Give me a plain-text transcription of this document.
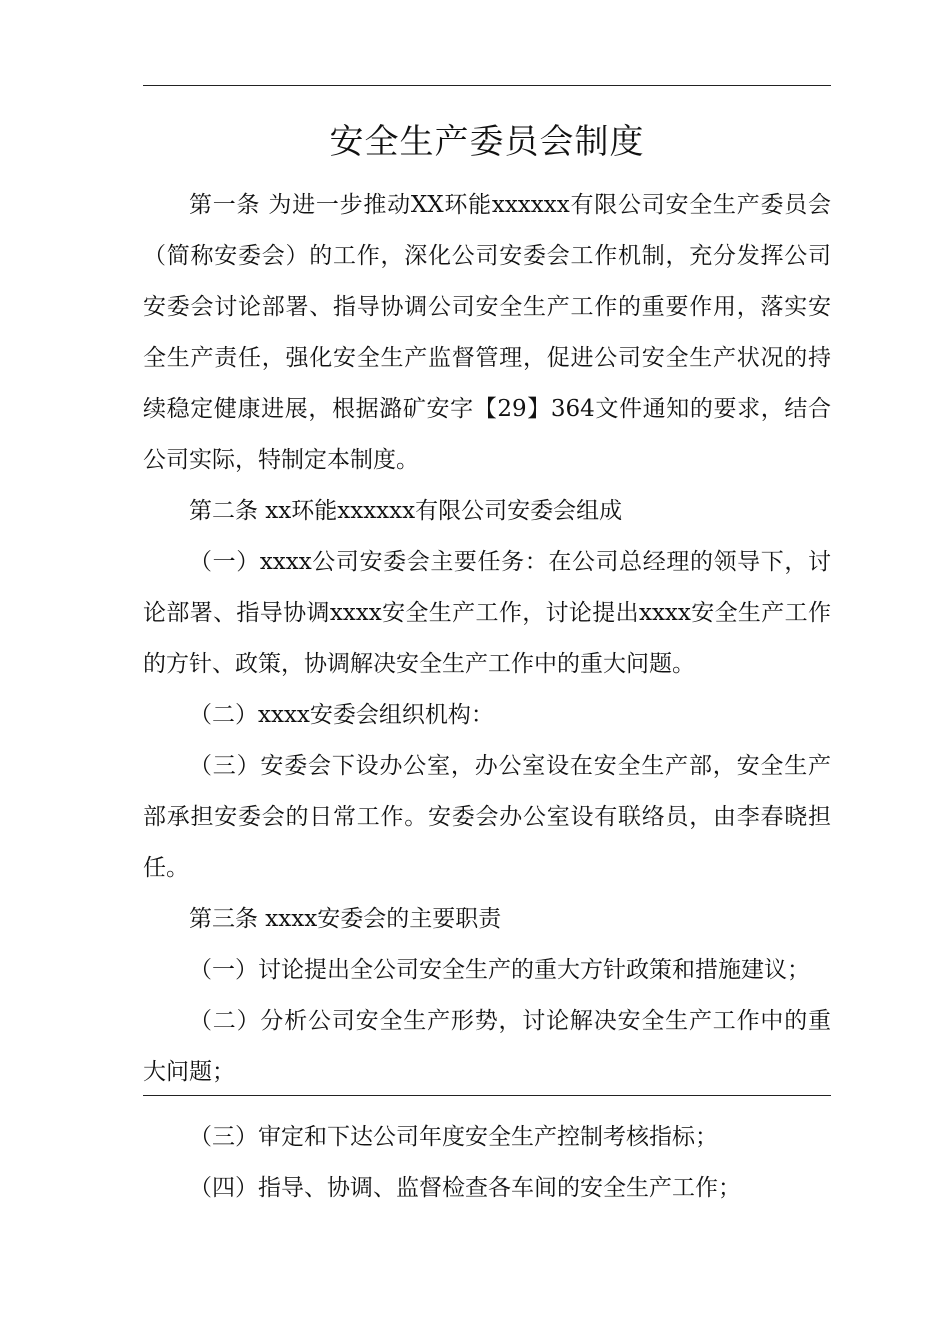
安全生产委员会制度

第一条 为进一步推动XX环能xxxxxx有限公司安全生产委员会（简称安委会）的工作，深化公司安委会工作机制，充分发挥公司安委会讨论部署、指导协调公司安全生产工作的重要作用，落实安全生产责任，强化安全生产监督管理，促进公司安全生产状况的持续稳定健康进展，根据潞矿安字【29】364文件通知的要求，结合公司实际，特制定本制度。

第二条 xx环能xxxxxx有限公司安委会组成

（一）xxxx公司安委会主要任务：在公司总经理的领导下，讨论部署、指导协调xxxx安全生产工作，讨论提出xxxx安全生产工作的方针、政策，协调解决安全生产工作中的重大问题。

（二）xxxx安委会组织机构：

（三）安委会下设办公室，办公室设在安全生产部，安全生产部承担安委会的日常工作。安委会办公室设有联络员，由李春晓担任。

第三条 xxxx安委会的主要职责

（一）讨论提出全公司安全生产的重大方针政策和措施建议；

（二）分析公司安全生产形势，讨论解决安全生产工作中的重大问题；

（三）审定和下达公司年度安全生产控制考核指标；

（四）指导、协调、监督检查各车间的安全生产工作；
